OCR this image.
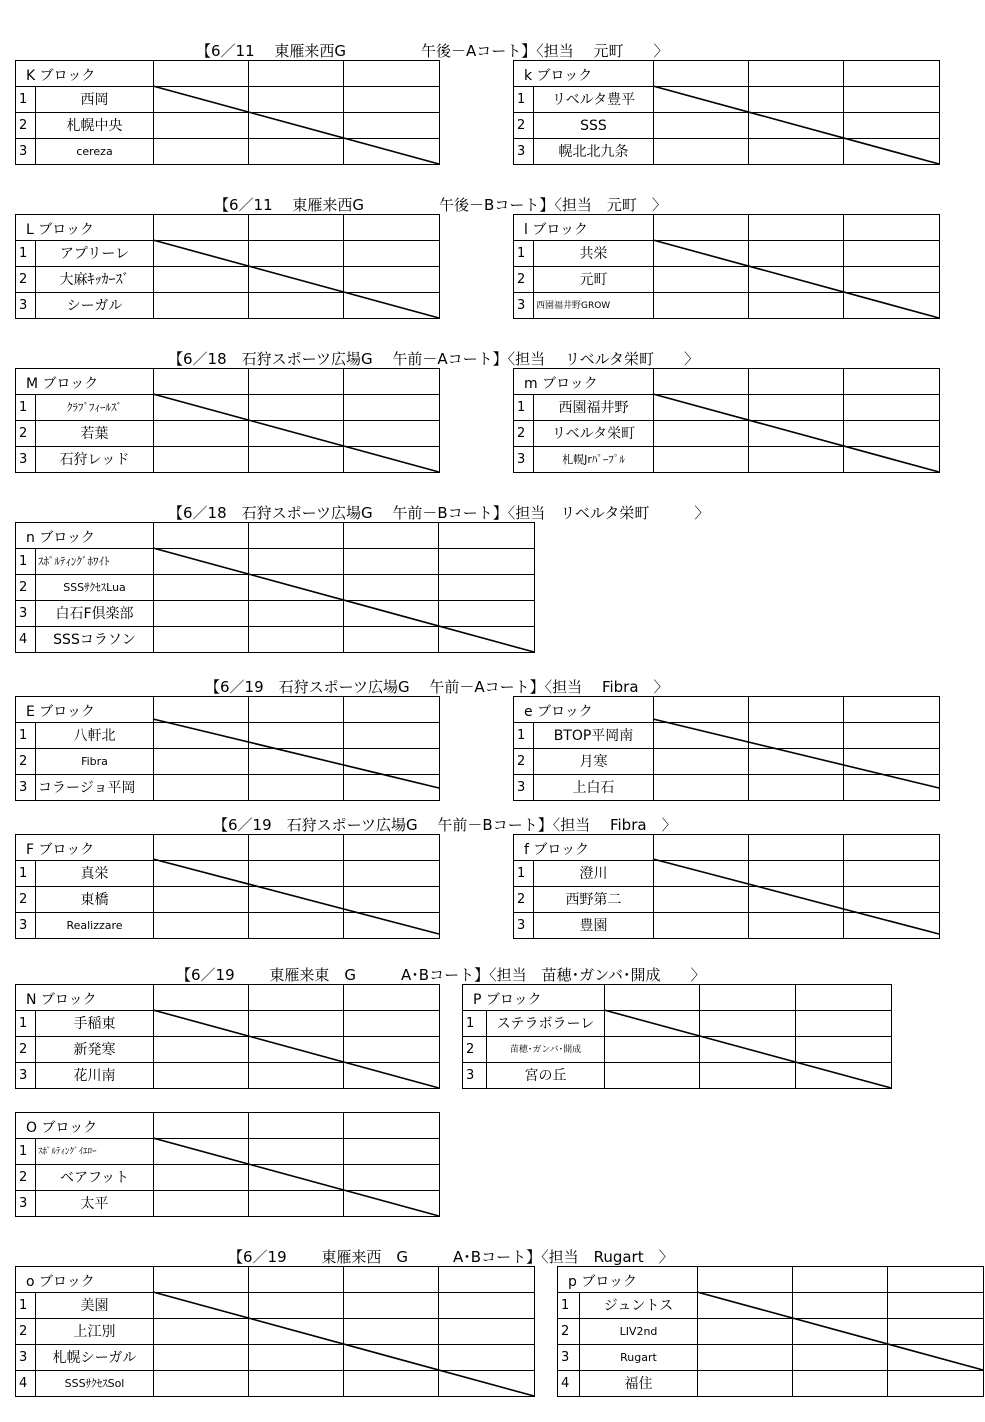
【6／11　 東雁来西G　　　　　午後－Aコート】〈担当　 元町　　〉
K ブロック				
1	西岡			
2	札幌中央			
3	cereza			
k ブロック				
1	リベルタ豊平			
2	SSS			
3	幌北北九条			
【6／11　 東雁来西G　　　　　午後－Bコート】〈担当　元町　〉
L ブロック				
1	アプリーレ			
2	大麻ｷｯｶｰｽﾞ			
3	シーガル			
l ブロック				
1	共栄			
2	元町			
3	西園福井野GROW			
【6／18　石狩スポーツ広場G　 午前－Aコート】〈担当　 リベルタ栄町　　〉
M ブロック				
1	ｸﾗﾌﾞﾌｨｰﾙｽﾞ			
2	若葉			
3	石狩レッド			
m ブロック				
1	西園福井野			
2	リベルタ栄町			
3	札幌Jrﾊﾟｰﾌﾟﾙ			
【6／18　石狩スポーツ広場G　 午前－Bコート】〈担当　リベルタ栄町　　　〉
n ブロック					
1	ｽﾎﾟﾙﾃｨﾝｸﾞﾎﾜｲﾄ				
2	SSSｻｸｾｽLua				
3	白石F倶楽部				
4	SSSコラソン				
【6／19　石狩スポーツ広場G　 午前－Aコート】〈担当　 Fibra　〉
E ブロック				
1	八軒北			
2	Fibra			
3	コラージョ平岡			
e ブロック				
1	BTOP平岡南			
2	月寒			
3	上白石			
【6／19　石狩スポーツ広場G　 午前－Bコート】〈担当　 Fibra　〉
F ブロック				
1	真栄			
2	東橋			
3	Realizzare			
f ブロック				
1	澄川			
2	西野第二			
3	豊園			
【6／19　　 東雁来東　G　　　A･Bコート】〈担当　苗穂･ガンバ･開成　　〉
N ブロック				
1	手稲東			
2	新発寒			
3	花川南			
P ブロック				
1	ステラボラーレ			
2	苗穂･ガンバ･開成			
3	宮の丘			
O ブロック				
1	ｽﾎﾟﾙﾃｨﾝｸﾞｲｴﾛｰ			
2	ベアフット			
3	太平			
【6／19　　 東雁来西　G　　　A･Bコート】〈担当　Rugart　〉
o ブロック					
1	美園				
2	上江別				
3	札幌シーガル				
4	SSSｻｸｾｽSol				
p ブロック				
1	ジュントス			
2	LIV2nd			
3	Rugart			
4	福住			
